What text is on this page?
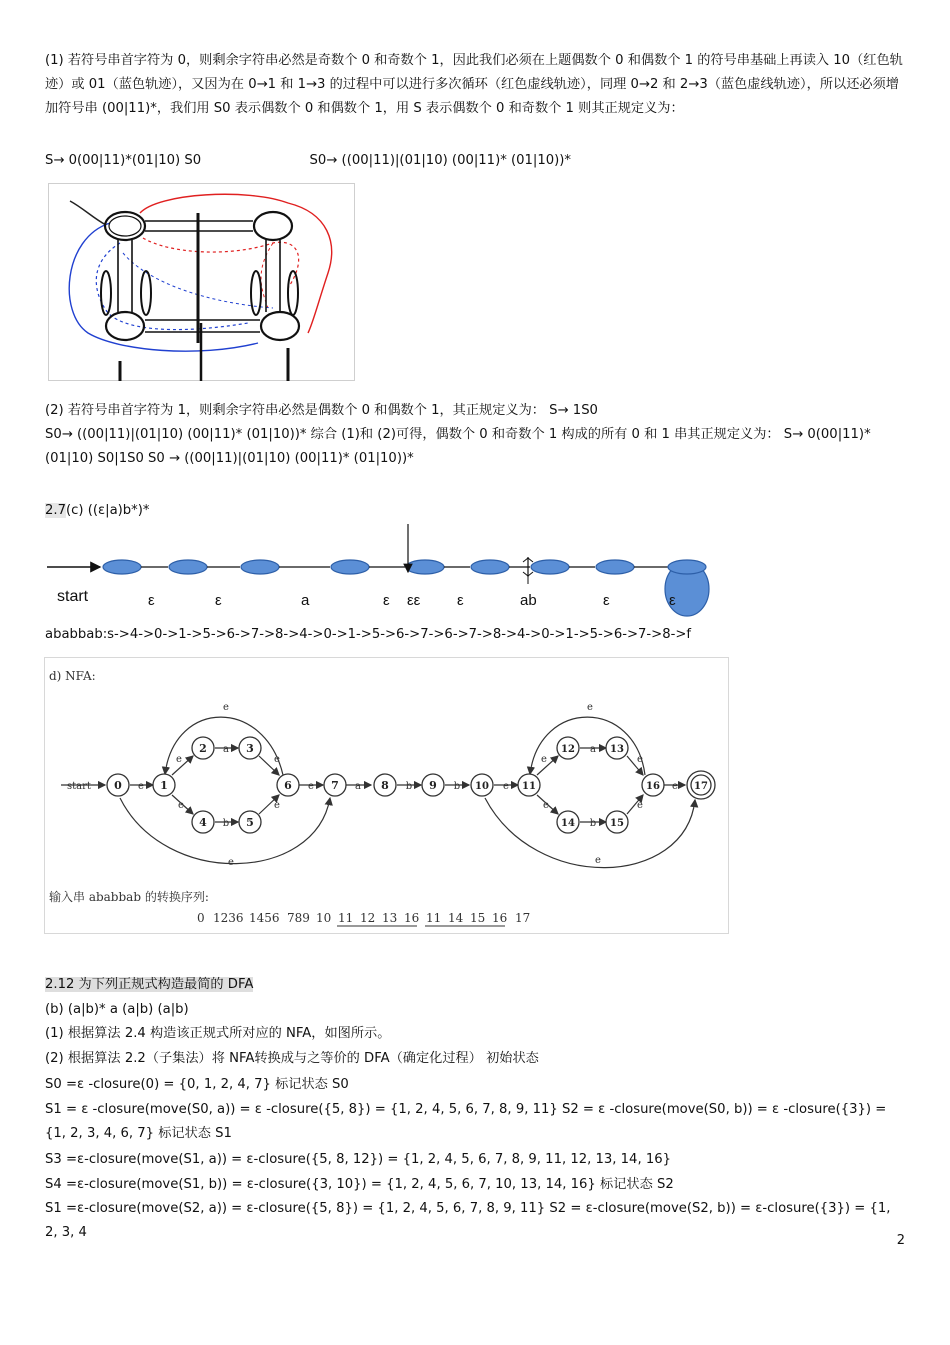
(1) 若符号串首字符为 0，则剩余字符串必然是奇数个 0 和奇数个 1，因此我们必须在上题偶数个 0 和偶数个 1 的符号串基础上再读入 10（红色轨迹）或 01（蓝色轨迹），又因为在 0→1 和 1→3 的过程中可以进行多次循环（红色虚线轨迹），同理 0→2 和 2→3（蓝色虚线轨迹），所以还必须增加符号串 (00|11)*，我们用 S0 表示偶数个 0 和偶数个 1，用 S 表示偶数个 0 和奇数个 1 则其正规定义为：

S→ 0(00|11)*(01|10) S0	S0→ ((00|11)|(01|10) (00|11)* (01|10))*

(2) 若符号串首字符为 1，则剩余字符串必然是偶数个 0 和偶数个 1，其正规定义为： S→ 1S0

S0→ ((00|11)|(01|10) (00|11)* (01|10))* 综合 (1)和 (2)可得，偶数个 0 和奇数个 1 构成的所有 0 和 1 串其正规定义为： S→ 0(00|11)*(01|10) S0|1S0 S0 → ((00|11)|(01|10) (00|11)* (01|10))*

2.7(c) ((ε|a)b*)*
start	ε	ε	a	ε εε ε	ab	ε	ε

ababbab:s->4->0->1->5->6->7->8->4->0->1->5->6->7->6->7->8->4->0->1->5->6->7->8->f

d) NFA:
start 0	1
2	3
4	5
6	7	8	9	10	11
12	13
14	15
16	17
e
e
a
e
e
b
e
e
e
e
a	b	b	e
e
a
e
e
b
e
e
e
e
输入串 ababbab 的转换序列:
0 1236 1456 789 10 11 12 13 16 11 14 15 16 17
2.12 为下列正规式构造最简的 DFA

(b) (a|b)* a (a|b) (a|b)

(1) 根据算法 2.4 构造该正规式所对应的 NFA，如图所示。

(2) 根据算法 2.2（子集法）将 NFA转换成与之等价的 DFA（确定化过程） 初始状态

S0 =ε -closure(0) = {0, 1, 2, 4, 7} 标记状态 S0

S1 = ε -closure(move(S0, a)) = ε -closure({5, 8}) = {1, 2, 4, 5, 6, 7, 8, 9, 11} S2 = ε -closure(move(S0, b)) = ε -closure({3}) = {1, 2, 3, 4, 6, 7} 标记状态 S1

S3 =ε-closure(move(S1, a)) = ε-closure({5, 8, 12}) = {1, 2, 4, 5, 6, 7, 8, 9, 11, 12, 13, 14, 16}

S4 =ε-closure(move(S1, b)) = ε-closure({3, 10}) = {1, 2, 4, 5, 6, 7, 10, 13, 14, 16} 标记状态 S2

S1 =ε-closure(move(S2, a)) = ε-closure({5, 8}) = {1, 2, 4, 5, 6, 7, 8, 9, 11} S2 = ε-closure(move(S2, b)) = ε-closure({3}) = {1, 2, 3, 4

2
